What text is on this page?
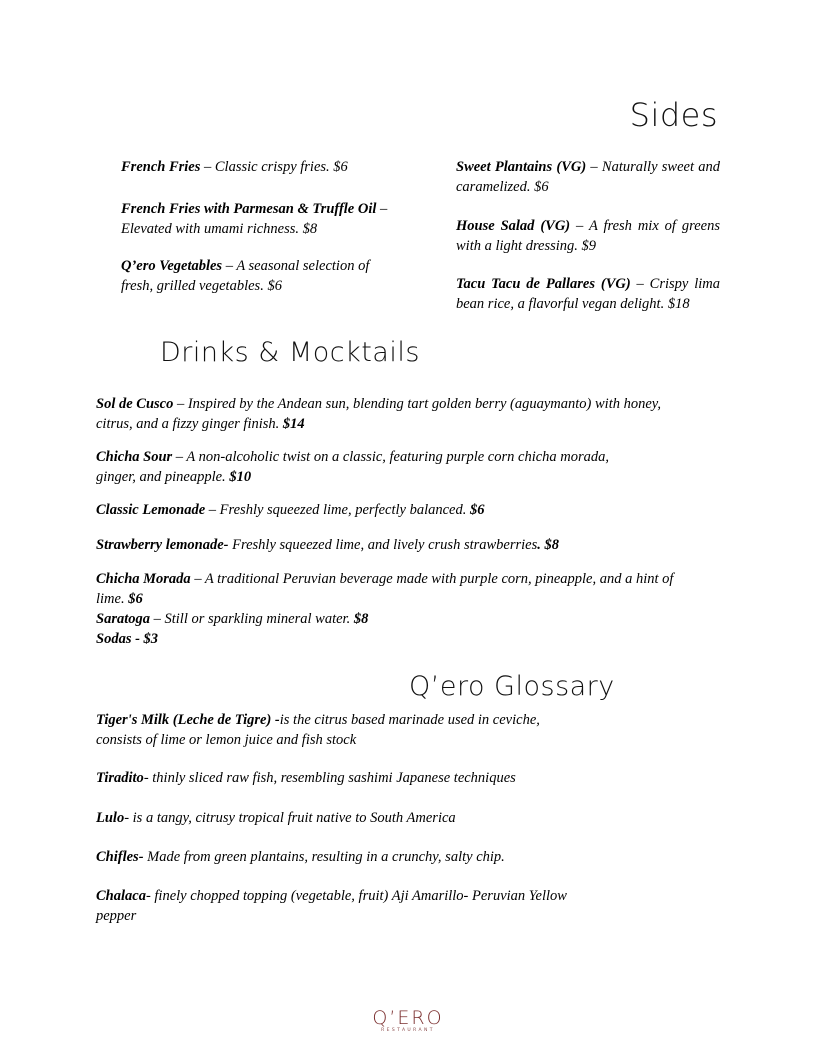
Sides
French Fries – Classic crispy fries. $6
French Fries with Parmesan & Truffle Oil – Elevated with umami richness. $8
Q’ero Vegetables – A seasonal selection of fresh, grilled vegetables. $6
Sweet Plantains (VG) – Naturally sweet and caramelized. $6
House Salad (VG) – A fresh mix of greens with a light dressing. $9
Tacu Tacu de Pallares (VG) – Crispy lima bean rice, a flavorful vegan delight. $18
Drinks & Mocktails
Sol de Cusco – Inspired by the Andean sun, blending tart golden berry (aguaymanto) with honey,
citrus, and a fizzy ginger finish. $14
Chicha Sour – A non-alcoholic twist on a classic, featuring purple corn chicha morada,
ginger, and pineapple. $10
Classic Lemonade – Freshly squeezed lime, perfectly balanced. $6
Strawberry lemonade- Freshly squeezed lime, and lively crush strawberries. $8
Chicha Morada – A traditional Peruvian beverage made with purple corn, pineapple, and a hint of
lime. $6
Saratoga – Still or sparkling mineral water. $8
Sodas - $3
Q’ero Glossary
Tiger's Milk (Leche de Tigre) -is the citrus based marinade used in ceviche,
consists of lime or lemon juice and fish stock
Tiradito- thinly sliced raw fish, resembling sashimi Japanese techniques
Lulo- is a tangy, citrusy tropical fruit native to South America
Chifles- Made from green plantains, resulting in a crunchy, salty chip.
Chalaca- finely chopped topping (vegetable, fruit) Aji Amarillo- Peruvian Yellow
pepper
Q’ERO
RESTAURANT
